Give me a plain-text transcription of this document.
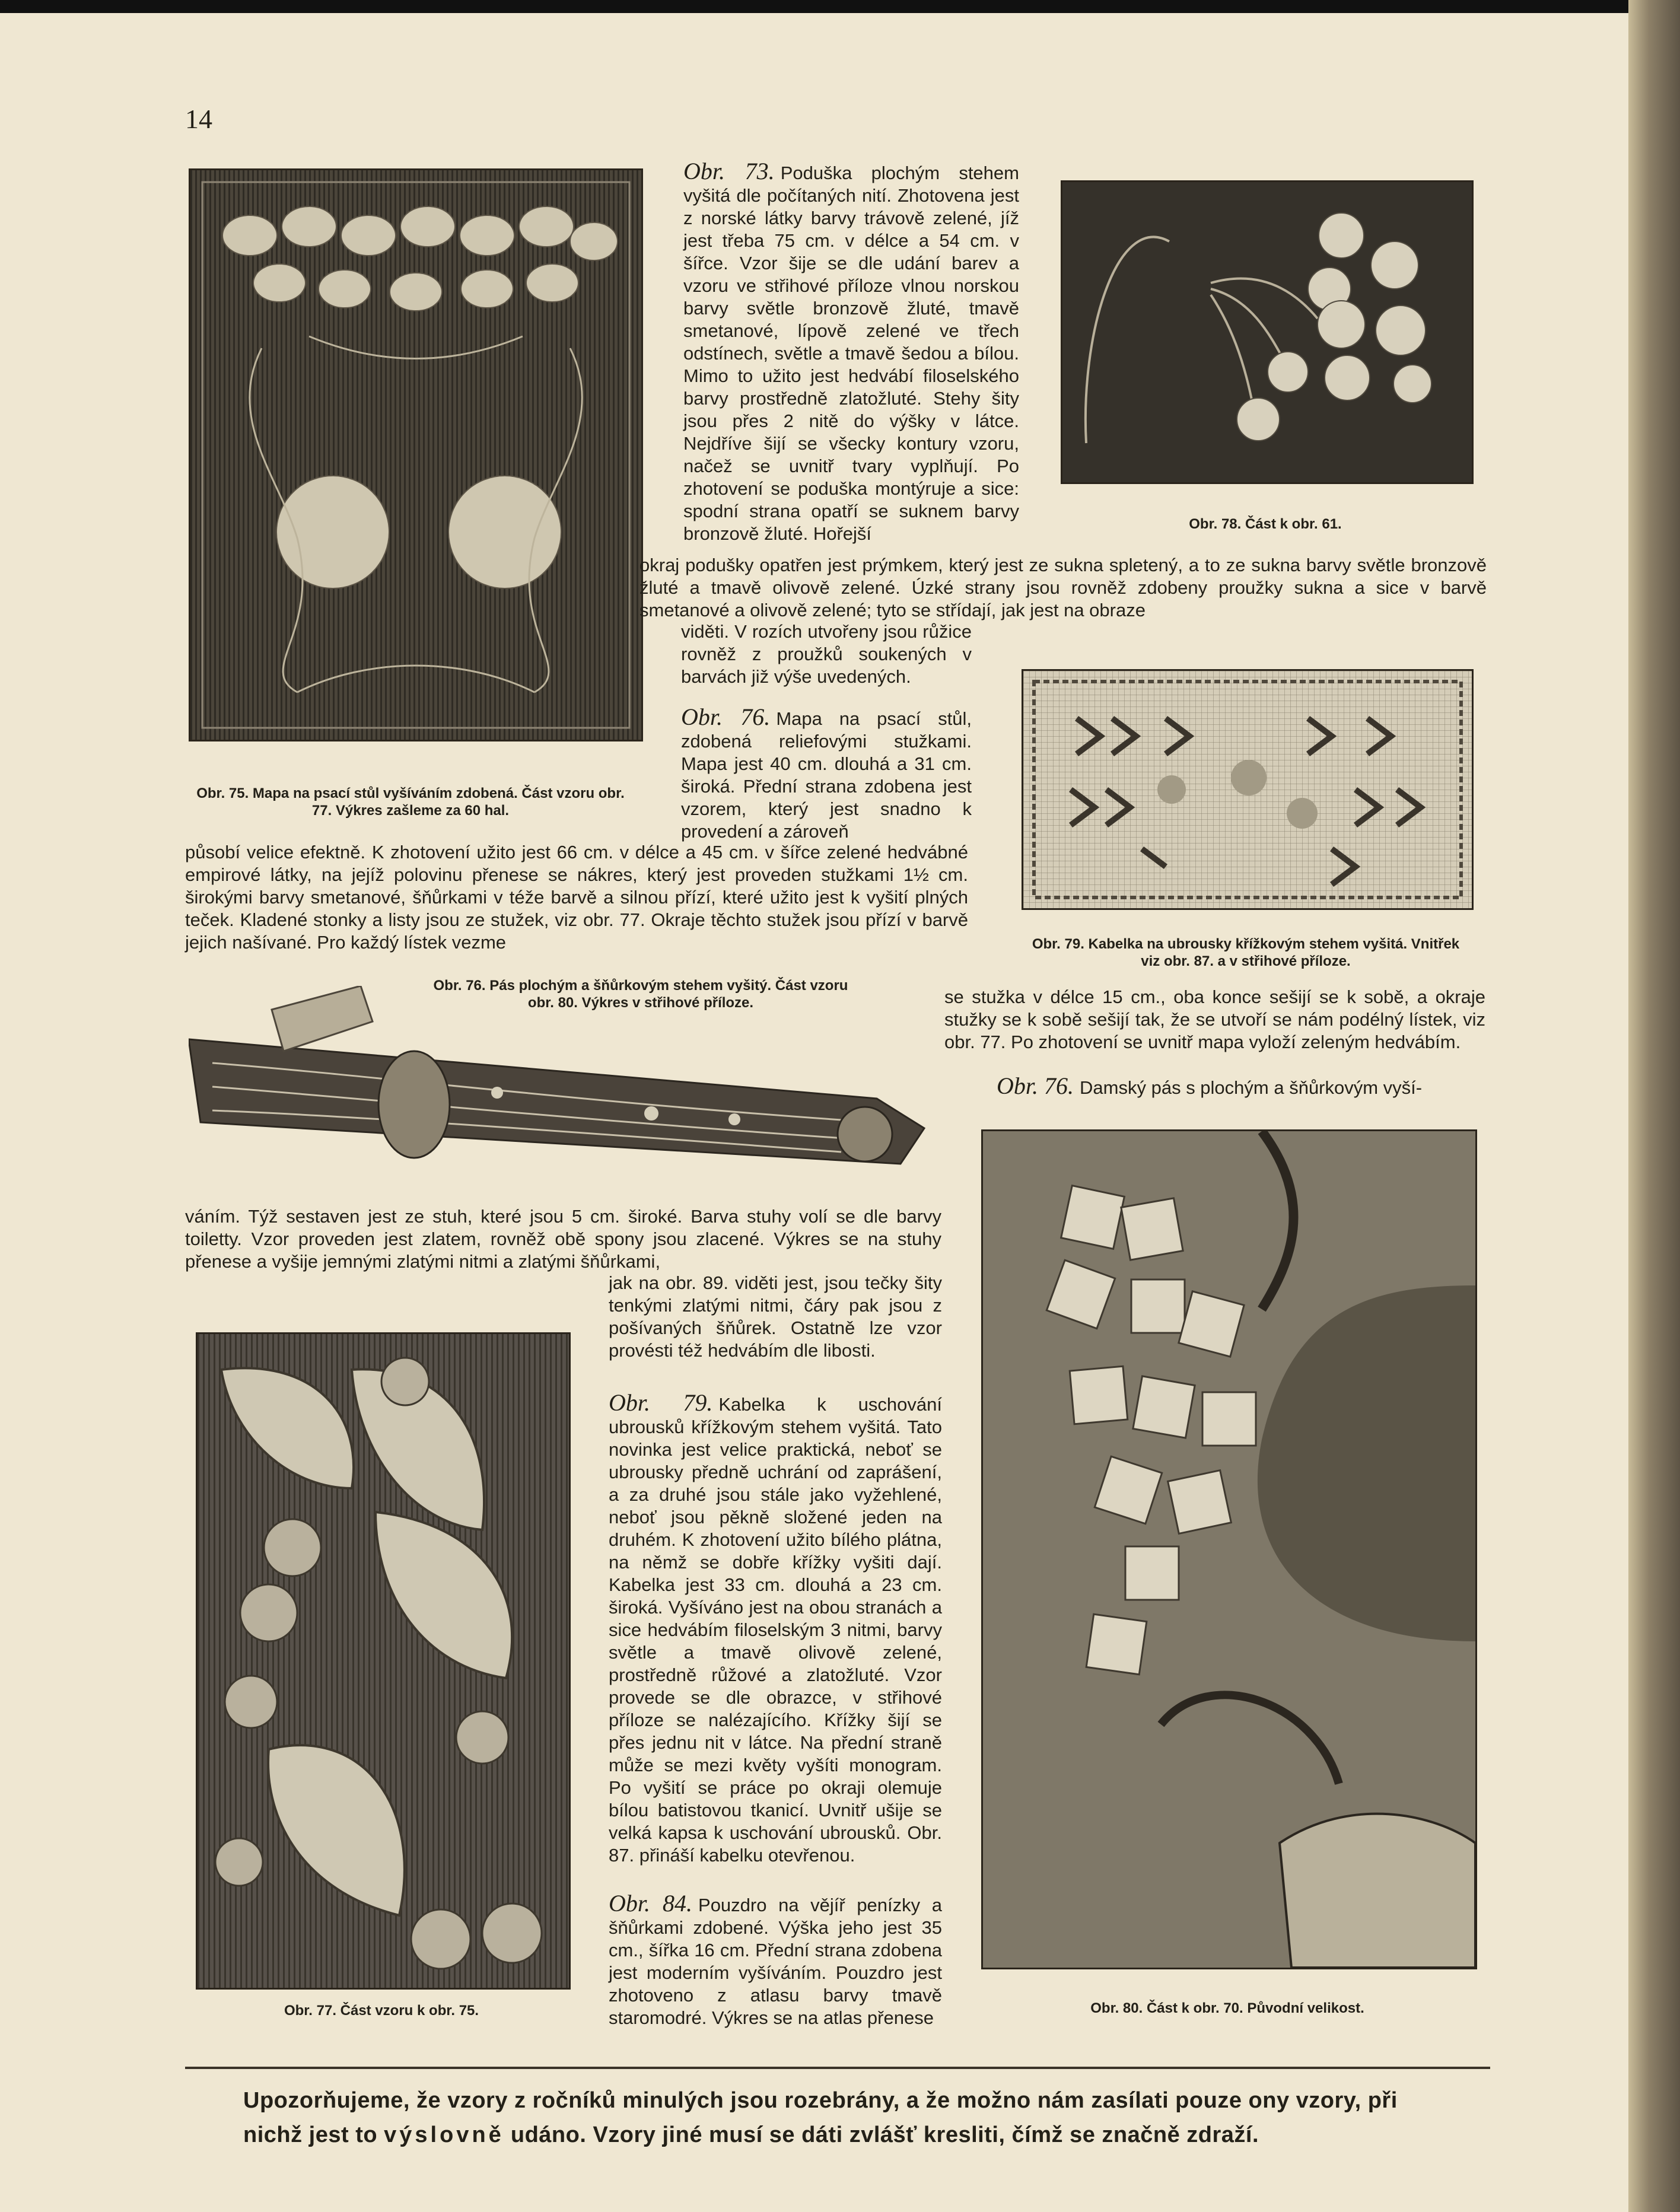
14
Obr. 75. Mapa na psací stůl vyšíváním zdobená. Část vzoru obr. 77. Výkres zašleme za 60 hal.

Obr. 73. Poduška plochým stehem vyšitá dle počítaných nití. Zhotovena jest z norské látky barvy trávově zelené, jíž jest třeba 75 cm. v délce a 54 cm. v šířce. Vzor šije se dle udání barev a vzoru ve střihové příloze vlnou norskou barvy světle bronzově žluté, tmavě smetanové, lípově zelené ve třech odstínech, světle a tmavě šedou a bílou. Mimo to užito jest hedvábí filoselského barvy prostředně zlatožluté. Stehy šity jsou přes 2 nitě do výšky v látce. Nejdříve šijí se všecky kontury vzoru, načež se uvnitř tvary vyplňují. Po zhotovení se poduška montýruje a sice: spodní strana opatří se suknem barvy bronzově žluté. Hořejší	Obr. 78. Část k obr. 61.

okraj podušky opatřen jest prýmkem, který jest ze sukna spletený, a to ze sukna barvy světle bronzově žluté a tmavě olivově zelené. Úzké strany jsou rovněž zdobeny proužky sukna a sice v barvě smetanové a olivově zelené; tyto se střídají, jak jest na obraze

viděti. V rozích utvořeny jsou růžice rovněž z proužků soukených v barvách již výše uvedených.

Obr. 76. Mapa na psací stůl, zdobená reliefovými stužkami. Mapa jest 40 cm. dlouhá a 31 cm. široká. Přední strana zdobena jest vzorem, který jest snadno k provedení a zároveň

Obr. 79. Kabelka na ubrousky křížkovým stehem vyšitá. Vnitřek viz obr. 87. a v střihové příloze.

působí velice efektně. K zhotovení užito jest 66 cm. v délce a 45 cm. v šířce zelené hedvábné empirové látky, na jejíž polovinu přenese se nákres, který jest proveden stužkami 1½ cm. širokými barvy smetanové, šňůrkami v téže barvě a silnou přízí, které užito jest k vyšití plných teček. Kladené stonky a listy jsou ze stužek, viz obr. 77. Okraje těchto stužek jsou přízí v barvě jejich našívané. Pro každý lístek vezme

Obr. 76. Pás plochým a šňůrkovým stehem vyšitý. Část vzoru obr. 80. Výkres v střihové příloze.	se stužka v délce 15 cm., oba konce sešijí se k sobě, a okraje stužky se k sobě sešijí tak, že se utvoří se nám podélný lístek, viz obr. 77. Po zhotovení se uvnitř mapa vyloží zeleným hedvábím.

Obr. 76. Damský pás s plochým a šňůrkovým vyší-

váním. Týž sestaven jest ze stuh, které jsou 5 cm. široké. Barva stuhy volí se dle barvy toiletty. Vzor proveden jest zlatem, rovněž obě spony jsou zlacené. Výkres se na stuhy přenese a vyšije jemnými zlatými nitmi a zlatými šňůrkami,

jak na obr. 89. viděti jest, jsou tečky šity tenkými zlatými nitmi, čáry pak jsou z pošívaných šňůrek. Ostatně lze vzor provésti též hedvábím dle libosti.

Obr. 80. Část k obr. 70. Původní velikost.
Obr. 77. Část vzoru k obr. 75.

Obr. 79. Kabelka k uschování ubrousků křížkovým stehem vyšitá. Tato novinka jest velice praktická, neboť se ubrousky předně uchrání od zaprášení, a za druhé jsou stále jako vyžehlené, neboť jsou pěkně složené jeden na druhém. K zhotovení užito bílého plátna, na němž se dobře křížky vyšiti dají. Kabelka jest 33 cm. dlouhá a 23 cm. široká. Vyšíváno jest na obou stranách a sice hedvábím filoselským 3 nitmi, barvy světle a tmavě olivově zelené, prostředně růžové a zlatožluté. Vzor provede se dle obrazce, v střihové příloze se nalézajícího. Křížky šijí se přes jednu nit v látce. Na přední straně může se mezi květy vyšíti monogram. Po vyšití se práce po okraji olemuje bílou batistovou tkanicí. Uvnitř ušije se velká kapsa k uschování ubrousků. Obr. 87. přináší kabelku otevřenou.

Obr. 84. Pouzdro na vějíř penízky a šňůrkami zdobené. Výška jeho jest 35 cm., šířka 16 cm. Přední strana zdobena jest moderním vyšíváním. Pouzdro jest zhotoveno z atlasu barvy tmavě staromodré. Výkres se na atlas přenese

Upozorňujeme, že vzory z ročníků minulých jsou rozebrány, a že možno nám zasílati pouze ony vzory, při
nichž jest to výslovně udáno. Vzory jiné musí se dáti zvlášť kresliti, čímž se značně zdraží.
